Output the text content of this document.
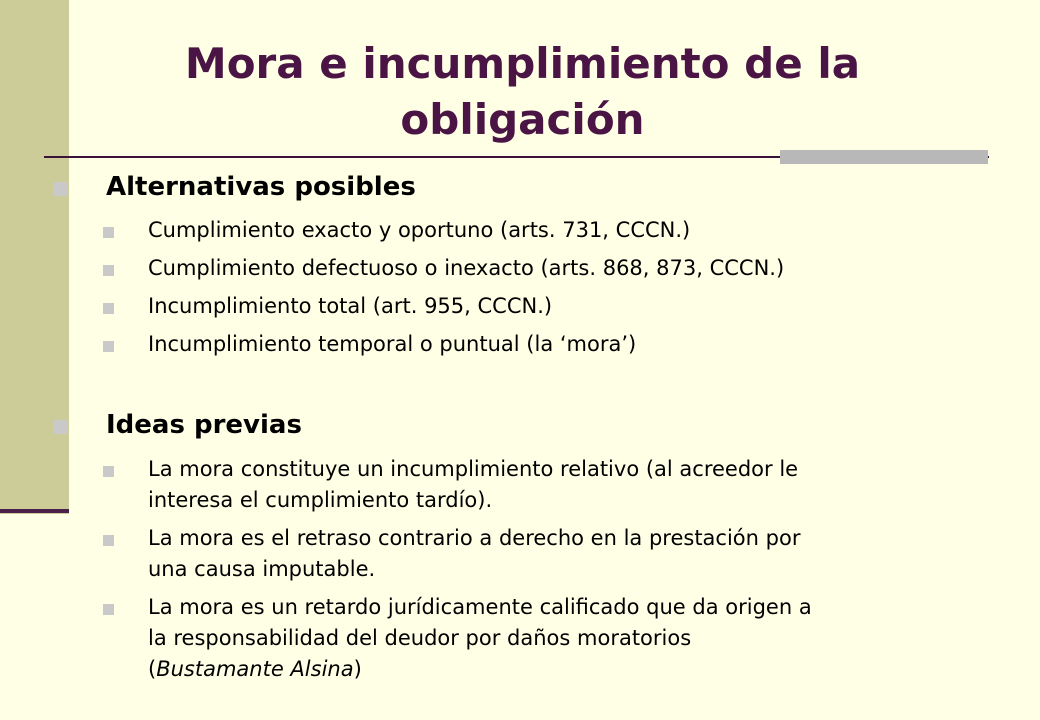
Mora e incumplimiento de la
obligación
Alternativas posibles
Cumplimiento exacto y oportuno (arts. 731, CCCN.)
Cumplimiento defectuoso o inexacto (arts. 868, 873, CCCN.)
Incumplimiento total (art. 955, CCCN.)
Incumplimiento temporal o puntual (la ‘mora’)
Ideas previas
La mora constituye un incumplimiento relativo (al acreedor le
interesa el cumplimiento tardío).
La mora es el retraso contrario a derecho en la prestación por
una causa imputable.
La mora es un retardo jurídicamente calificado que da origen a
la responsabilidad del deudor por daños moratorios
(Bustamante Alsina)
